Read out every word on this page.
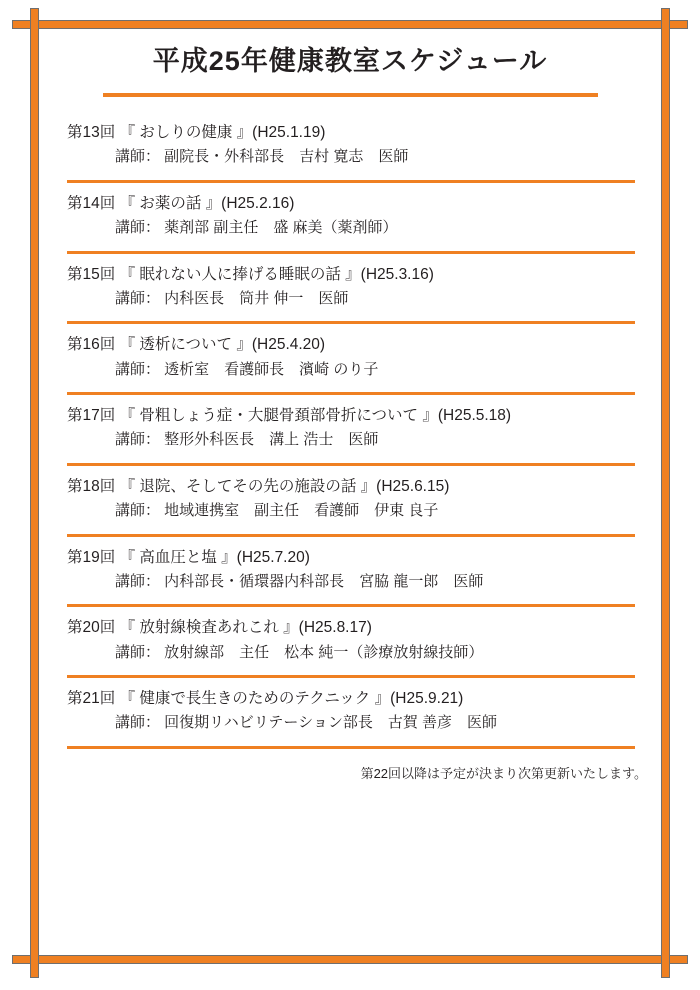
平成25年健康教室スケジュール
第13回 『 おしりの健康 』(H25.1.19)
講師： 副院長・外科部長　吉村 寛志　医師
第14回 『 お薬の話 』(H25.2.16)
講師： 薬剤部 副主任　盛 麻美（薬剤師）
第15回 『 眠れない人に捧げる睡眠の話 』(H25.3.16)
講師： 内科医長　筒井 伸一　医師
第16回 『 透析について 』(H25.4.20)
講師： 透析室　看護師長　濱崎 のり子
第17回 『 骨粗しょう症・大腿骨頚部骨折について 』(H25.5.18)
講師： 整形外科医長　溝上 浩士　医師
第18回 『 退院、そしてその先の施設の話 』(H25.6.15)
講師： 地域連携室　副主任　看護師　伊東 良子
第19回 『 高血圧と塩 』(H25.7.20)
講師： 内科部長・循環器内科部長　宮脇 龍一郎　医師
第20回 『 放射線検査あれこれ 』(H25.8.17)
講師： 放射線部　主任　松本 純一（診療放射線技師）
第21回 『 健康で長生きのためのテクニック 』(H25.9.21)
講師： 回復期リハビリテーション部長　古賀 善彦　医師
第22回以降は予定が決まり次第更新いたします。
